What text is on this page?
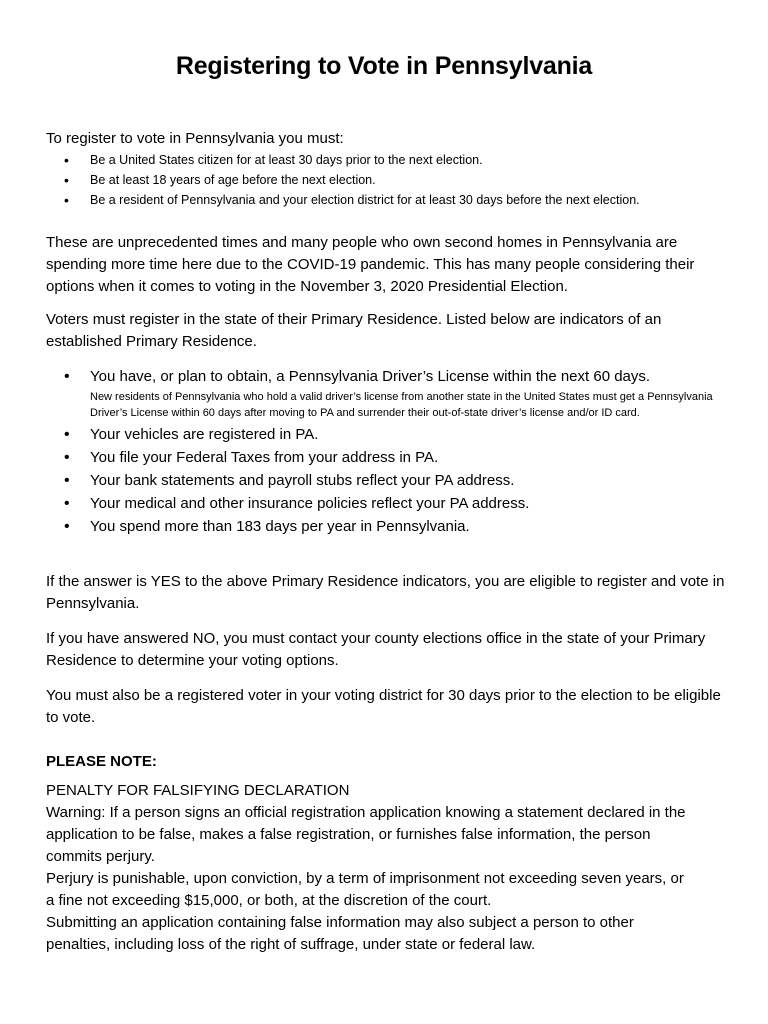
Registering to Vote in Pennsylvania
To register to vote in Pennsylvania you must:
• Be a United States citizen for at least 30 days prior to the next election.
• Be at least 18 years of age before the next election.
• Be a resident of Pennsylvania and your election district for at least 30 days before the next election.
These are unprecedented times and many people who own second homes in Pennsylvania are spending more time here due to the COVID-19 pandemic. This has many people considering their options when it comes to voting in the November 3, 2020 Presidential Election.
Voters must register in the state of their Primary Residence. Listed below are indicators of an established Primary Residence.
• You have, or plan to obtain, a Pennsylvania Driver’s License within the next 60 days.
New residents of Pennsylvania who hold a valid driver’s license from another state in the United States must get a Pennsylvania Driver’s License within 60 days after moving to PA and surrender their out-of-state driver’s license and/or ID card.
• Your vehicles are registered in PA.
• You file your Federal Taxes from your address in PA.
• Your bank statements and payroll stubs reflect your PA address.
• Your medical and other insurance policies reflect your PA address.
• You spend more than 183 days per year in Pennsylvania.
If the answer is YES to the above Primary Residence indicators, you are eligible to register and vote in Pennsylvania.
If you have answered NO, you must contact your county elections office in the state of your Primary Residence to determine your voting options.
You must also be a registered voter in your voting district for 30 days prior to the election to be eligible to vote.
PLEASE NOTE:
PENALTY FOR FALSIFYING DECLARATION
Warning: If a person signs an official registration application knowing a statement declared in the application to be false, makes a false registration, or furnishes false information, the person commits perjury.
Perjury is punishable, upon conviction, by a term of imprisonment not exceeding seven years, or a fine not exceeding $15,000, or both, at the discretion of the court.
Submitting an application containing false information may also subject a person to other penalties, including loss of the right of suffrage, under state or federal law.
